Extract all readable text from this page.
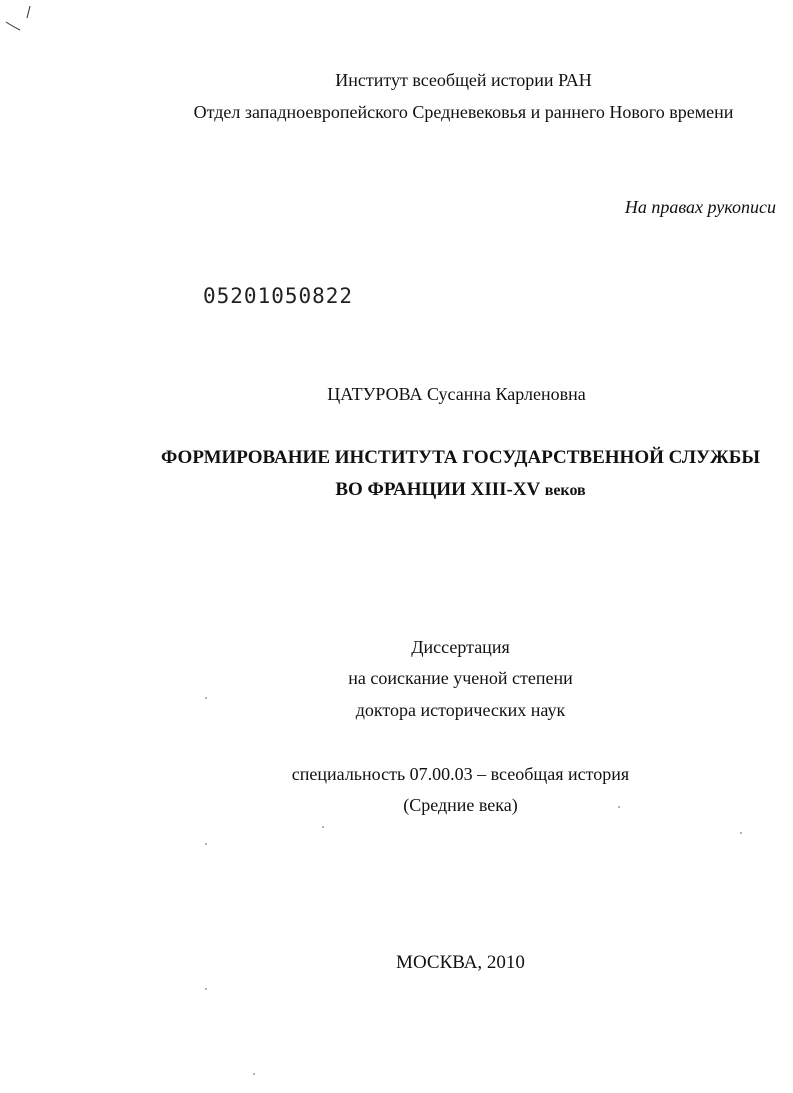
Институт всеобщей истории РАН
Отдел западноевропейского Средневековья и раннего Нового времени
На правах рукописи
05201050822
ЦАТУРОВА Сусанна Карленовна
ФОРМИРОВАНИЕ ИНСТИТУТА ГОСУДАРСТВЕННОЙ СЛУЖБЫ
ВО ФРАНЦИИ XIII-XV веков
Диссертация
на соискание ученой степени
доктора исторических наук
специальность 07.00.03 – всеобщая история
(Средние века)
МОСКВА, 2010
